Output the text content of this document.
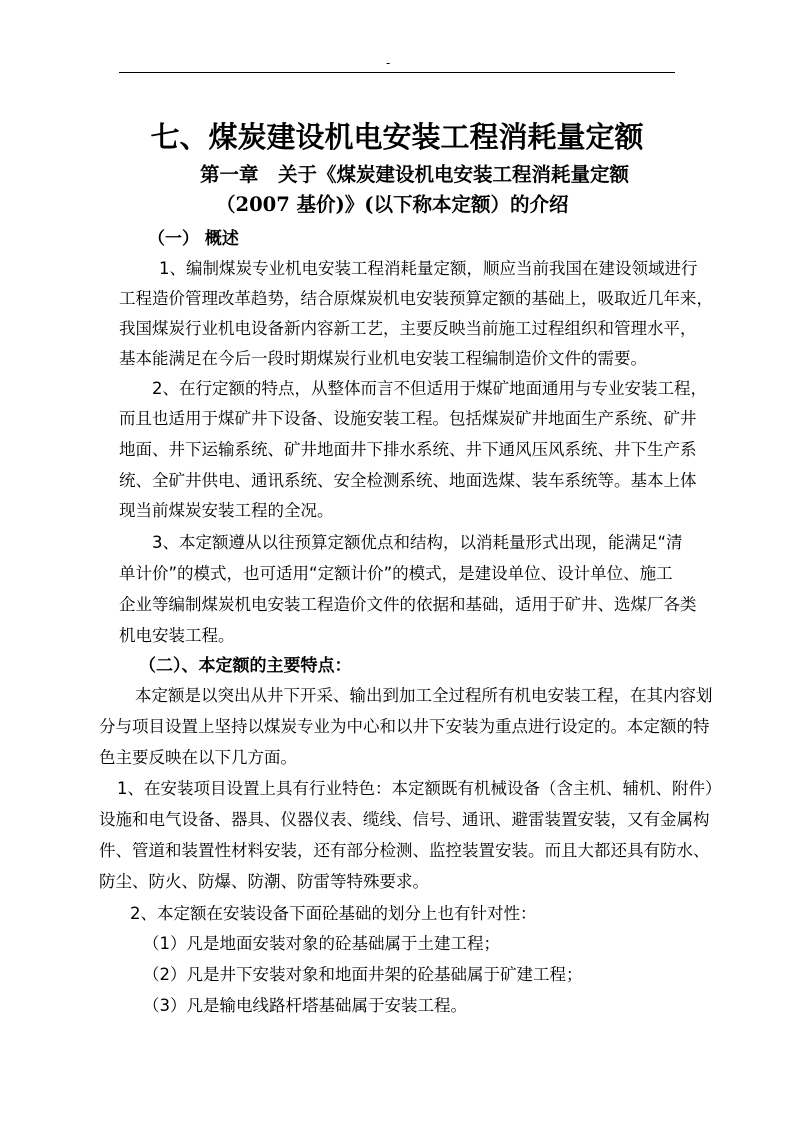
-
七、煤炭建设机电安装工程消耗量定额
第一章　关于《煤炭建设机电安装工程消耗量定额
（2007 基价)》(以下称本定额）的介绍
（一） 概述
1、编制煤炭专业机电安装工程消耗量定额，顺应当前我国在建设领域进行
工程造价管理改革趋势，结合原煤炭机电安装预算定额的基础上，吸取近几年来，
我国煤炭行业机电设备新内容新工艺，主要反映当前施工过程组织和管理水平，
基本能满足在今后一段时期煤炭行业机电安装工程编制造价文件的需要。
2、在行定额的特点，从整体而言不但适用于煤矿地面通用与专业安装工程，
而且也适用于煤矿井下设备、设施安装工程。包括煤炭矿井地面生产系统、矿井
地面、井下运输系统、矿井地面井下排水系统、井下通风压风系统、井下生产系
统、全矿井供电、通讯系统、安全检测系统、地面选煤、装车系统等。基本上体
现当前煤炭安装工程的全况。
3、本定额遵从以往预算定额优点和结构，以消耗量形式出现，能满足“清
单计价”的模式，也可适用“定额计价”的模式，是建设单位、设计单位、施工
企业等编制煤炭机电安装工程造价文件的依据和基础，适用于矿井、选煤厂各类
机电安装工程。
（二）、本定额的主要特点：
本定额是以突出从井下开采、输出到加工全过程所有机电安装工程，在其内容划
分与项目设置上坚持以煤炭专业为中心和以井下安装为重点进行设定的。本定额的特
色主要反映在以下几方面。
1、在安装项目设置上具有行业特色：本定额既有机械设备（含主机、辅机、附件）
设施和电气设备、器具、仪器仪表、缆线、信号、通讯、避雷装置安装，又有金属构
件、管道和装置性材料安装，还有部分检测、监控装置安装。而且大都还具有防水、
防尘、防火、防爆、防潮、防雷等特殊要求。
2、本定额在安装设备下面砼基础的划分上也有针对性：
（1）凡是地面安装对象的砼基础属于土建工程；
（2）凡是井下安装对象和地面井架的砼基础属于矿建工程；
（3）凡是输电线路杆塔基础属于安装工程。
